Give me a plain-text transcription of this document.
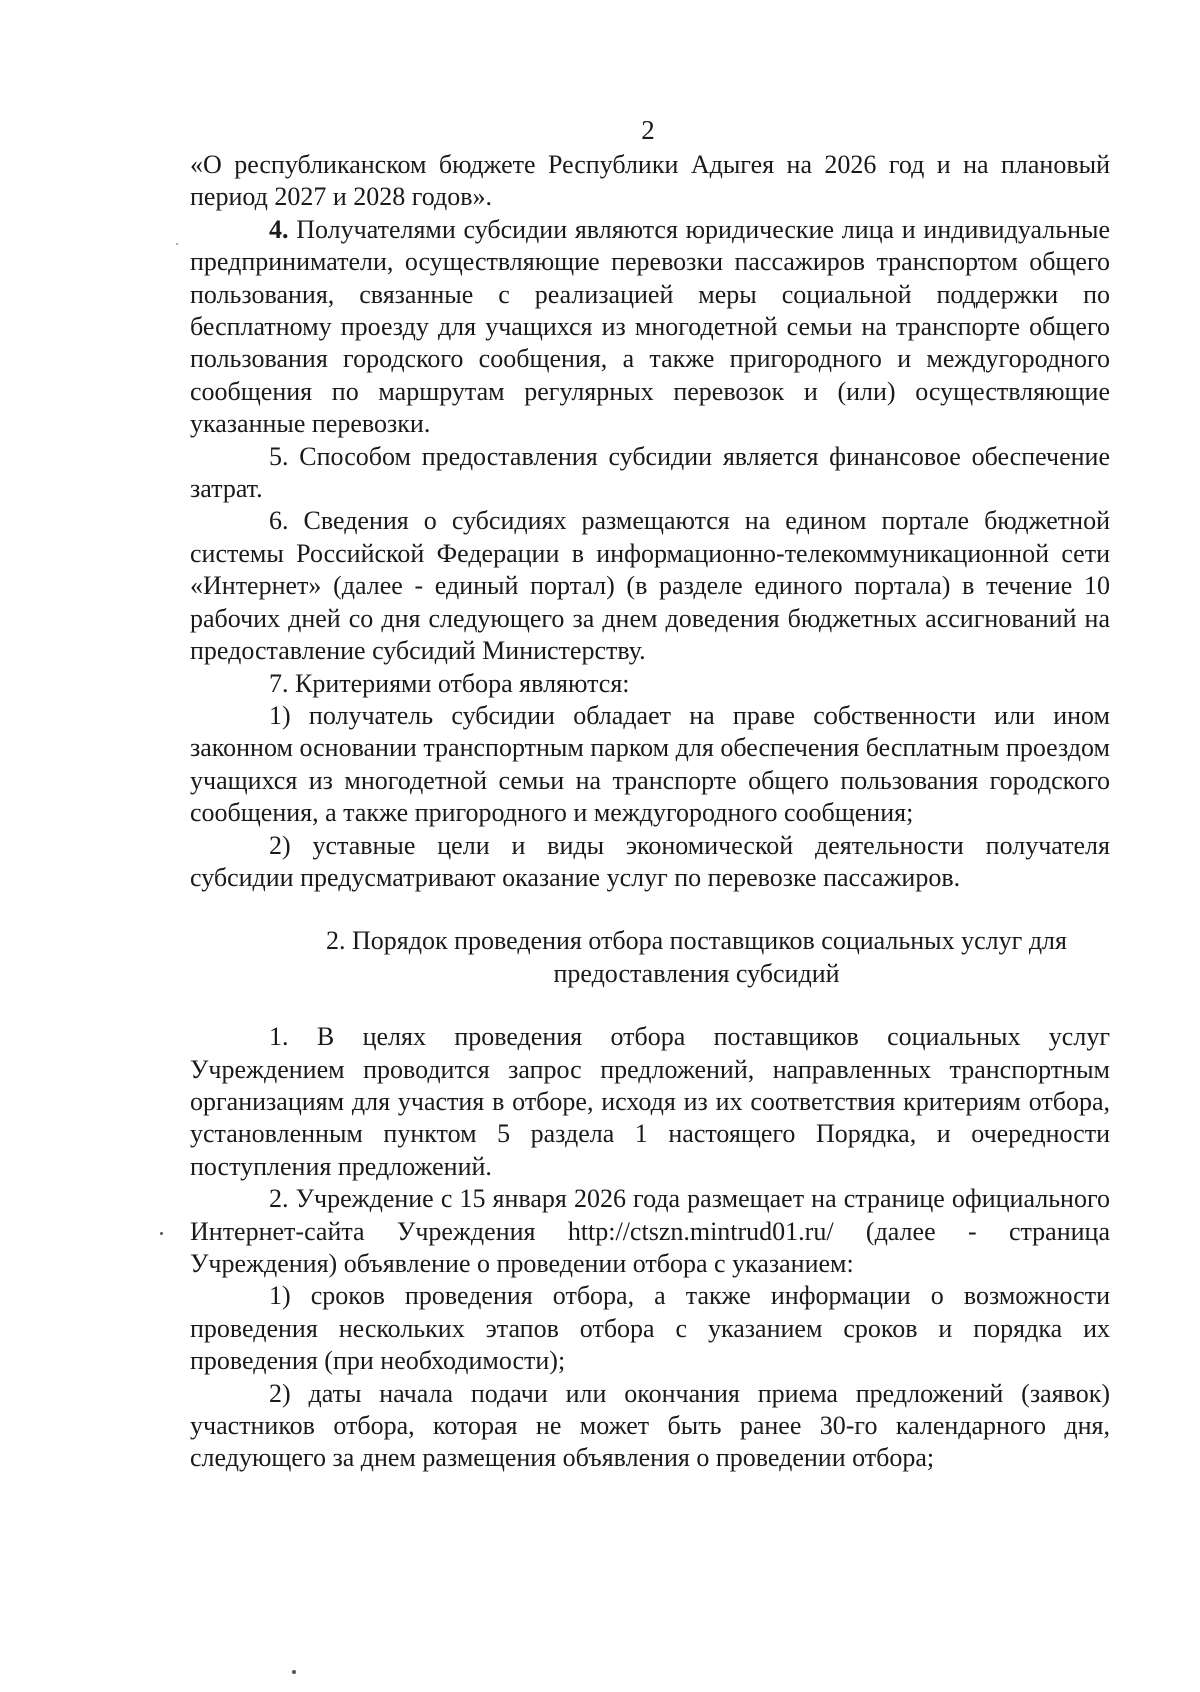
2

«О республиканском бюджете Республики Адыгея на 2026 год и на плановый период 2027 и 2028 годов».

4. Получателями субсидии являются юридические лица и индивидуальные предприниматели, осуществляющие перевозки пассажиров транспортом общего пользования, связанные с реализацией меры социальной поддержки по бесплатному проезду для учащихся из многодетной семьи на транспорте общего пользования городского сообщения, а также пригородного и междугородного сообщения по маршрутам регулярных перевозок и (или) осуществляющие указанные перевозки.

5. Способом предоставления субсидии является финансовое обеспечение затрат.

6. Сведения о субсидиях размещаются на едином портале бюджетной системы Российской Федерации в информационно-телекоммуникационной сети «Интернет» (далее - единый портал) (в разделе единого портала) в течение 10 рабочих дней со дня следующего за днем доведения бюджетных ассигнований на предоставление субсидий Министерству.

7. Критериями отбора являются:

1) получатель субсидии обладает на праве собственности или ином законном основании транспортным парком для обеспечения бесплатным проездом учащихся из многодетной семьи на транспорте общего пользования городского сообщения, а также пригородного и междугородного сообщения;

2) уставные цели и виды экономической деятельности получателя субсидии предусматривают оказание услуг по перевозке пассажиров.

2. Порядок проведения отбора поставщиков социальных услуг для
предоставления субсидий

1. В целях проведения отбора поставщиков социальных услуг Учреждением проводится запрос предложений, направленных транспортным организациям для участия в отборе, исходя из их соответствия критериям отбора, установленным пунктом 5 раздела 1 настоящего Порядка, и очередности поступления предложений.

2. Учреждение с 15 января 2026 года размещает на странице официального Интернет-сайта Учреждения http://ctszn.mintrud01.ru/ (далее - страница Учреждения) объявление о проведении отбора с указанием:

1) сроков проведения отбора, а также информации о возможности проведения нескольких этапов отбора с указанием сроков и порядка их проведения (при необходимости);

2) даты начала подачи или окончания приема предложений (заявок) участников отбора, которая не может быть ранее 30-го календарного дня, следующего за днем размещения объявления о проведении отбора;
